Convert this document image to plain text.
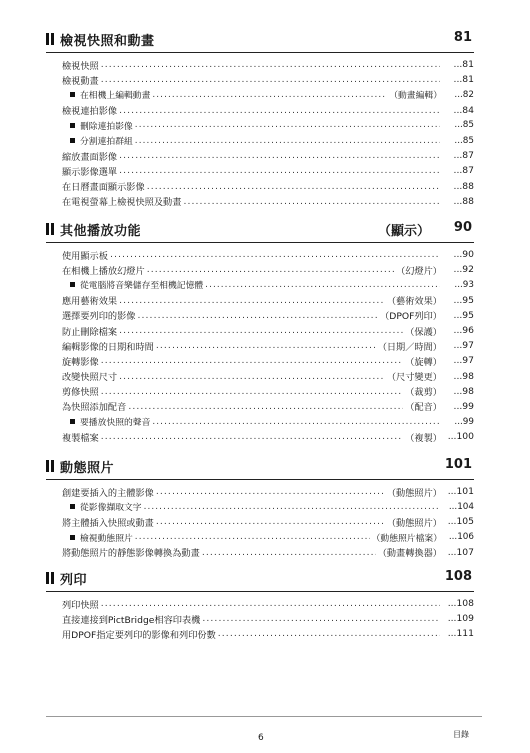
檢視快照和動畫	81
檢視快照 .....	...81
檢視動畫 .....	...81
在相機上編輯動畫 .....	（動畫編輯）	...82
檢視連拍影像 .....	...84
刪除連拍影像 .....	...85
分割連拍群組 .....	...85
縮放畫面影像 .....	...87
顯示影像選單 .....	...87
在日曆畫面顯示影像 .....	...88
在電視螢幕上檢視快照及動畫 .....	...88
其他播放功能	（顯示） 90
使用顯示板 .....	...90
在相機上播放幻燈片 .....	（幻燈片）	...92
從電腦將音樂儲存至相機記憶體 .....	...93
應用藝術效果 .....	（藝術效果）	...95
選擇要列印的影像 .....	（DPOF列印）	...95
防止刪除檔案 .....	（保護）	...96
編輯影像的日期和時間 .....	（日期／時間）	...97
旋轉影像 .....	（旋轉）	...97
改變快照尺寸 .....	（尺寸變更）	...98
剪修快照 .....	（裁剪）	...98
為快照添加配音 .....	（配音）	...99
要播放快照的聲音 .....	...99
複製檔案 .....	（複製） ...100
動態照片	101
創建要插入的主體影像 .....	（動態照片） ...101
從影像擷取文字 .....	...104
將主體插入快照或動畫 .....	（動態照片） ...105
檢視動態照片 .....	（動態照片檔案） ...106
將動態照片的靜態影像轉換為動畫 .....	（動畫轉換器） ...107
列印	108
列印快照 .....	...108
直接連接到PictBridge相容印表機 .....	...109
用DPOF指定要列印的影像和列印份數 .....	...111
6	目錄
